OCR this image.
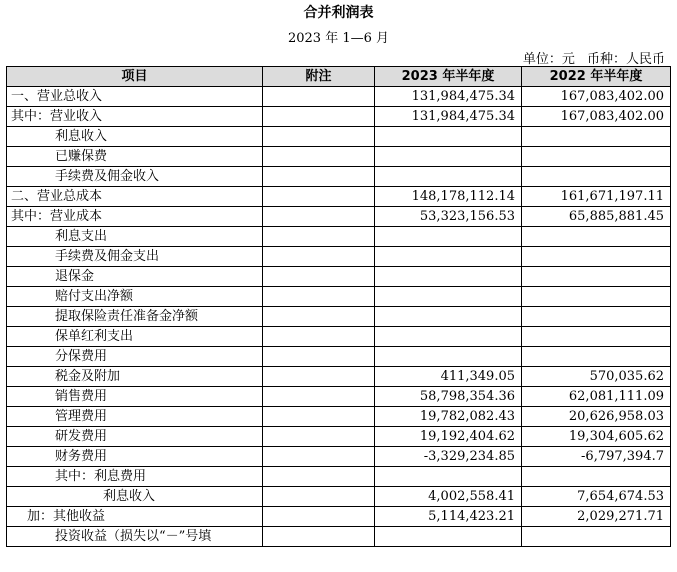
合并利润表
2023 年 1—6 月
单位：元 币种：人民币
项目	附注	2023 年半年度	2022 年半年度
一、营业总收入		131,984,475.34	167,083,402.00
其中：营业收入		131,984,475.34	167,083,402.00
利息收入			
已赚保费			
手续费及佣金收入			
二、营业总成本		148,178,112.14	161,671,197.11
其中：营业成本		53,323,156.53	65,885,881.45
利息支出			
手续费及佣金支出			
退保金			
赔付支出净额			
提取保险责任准备金净额			
保单红利支出			
分保费用			
税金及附加		411,349.05	570,035.62
销售费用		58,798,354.36	62,081,111.09
管理费用		19,782,082.43	20,626,958.03
研发费用		19,192,404.62	19,304,605.62
财务费用		-3,329,234.85	-6,797,394.7
其中：利息费用			
利息收入		4,002,558.41	7,654,674.53
加：其他收益		5,114,423.21	2,029,271.71
投资收益（损失以“－”号填			
